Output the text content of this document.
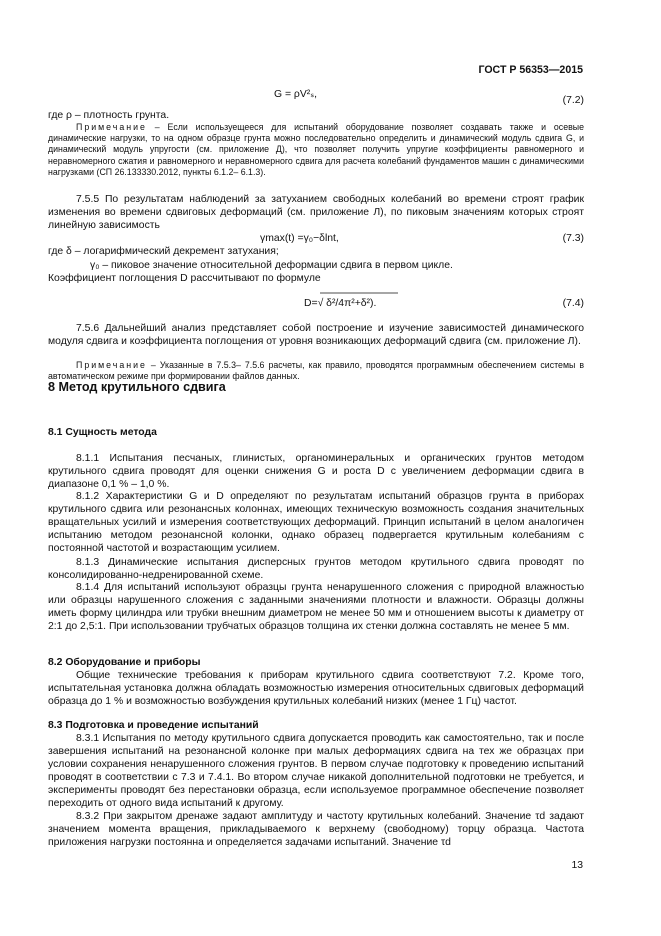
ГОСТ Р 56353—2015
G = ρV²ₛ,
(7.2)
где ρ – плотность грунта.
Примечание – Если используещееся для испытаний оборудование позволяет создавать также и осевые динамические нагрузки, то на одном образце грунта можно последовательно определить и динамический модуль сдвига G, и динамический модуль упругости (см. приложение Д), что позволяет получить упругие коэффициенты равномерного и неравномерного сжатия и равномерного и неравномерного сдвига для расчета колебаний фундаментов машин с динамическими нагрузками (СП 26.133330.2012, пункты 6.1.2– 6.1.3).
7.5.5 По результатам наблюдений за затуханием свободных колебаний во времени строят график изменения во времени сдвиговых деформаций (см. приложение Л), по пиковым значениям которых строят линейную зависимость
γmax(t) =γ₀−δlnt,	(7.3)
где δ – логарифмический декремент затухания;
γ₀ – пиковое значение относительной деформации сдвига в первом цикле.
Коэффициент поглощения D рассчитывают по формуле
D=√ δ²/4π²+δ²).	(7.4)
7.5.6 Дальнейший анализ представляет собой построение и изучение зависимостей динамического модуля сдвига и коэффициента поглощения от уровня возникающих деформаций сдвига (см. приложение Л).
Примечание – Указанные в 7.5.3– 7.5.6 расчеты, как правило, проводятся программным обеспечением системы в автоматическом режиме при формировании файлов данных.
8 Метод крутильного сдвига
8.1 Сущность метода
8.1.1 Испытания песчаных, глинистых, органоминеральных и органических грунтов методом крутильного сдвига проводят для оценки снижения G и роста D с увеличением деформации сдвига в диапазоне 0,1 % – 1,0 %.
8.1.2 Характеристики G и D определяют по результатам испытаний образцов грунта в приборах крутильного сдвига или резонансных колоннах, имеющих техническую возможность создания значительных вращательных усилий и измерения соответствующих деформаций. Принцип испытаний в целом аналогичен испытанию методом резонансной колонки, однако образец подвергается крутильным колебаниям с постоянной частотой и возрастающим усилием.
8.1.3 Динамические испытания дисперсных грунтов методом крутильного сдвига проводят по консолидированно-недренированной схеме.
8.1.4 Для испытаний используют образцы грунта ненарушенного сложения с природной влажностью или образцы нарушенного сложения с заданными значениями плотности и влажности. Образцы должны иметь форму цилиндра или трубки внешним диаметром не менее 50 мм и отношением высоты к диаметру от 2:1 до 2,5:1. При использовании трубчатых образцов толщина их стенки должна составлять не менее 5 мм.
8.2 Оборудование и приборы
Общие технические требования к приборам крутильного сдвига соответствуют 7.2. Кроме того, испытательная установка должна обладать возможностью измерения относительных сдвиговых деформаций образца до 1 % и возможностью возбуждения крутильных колебаний низких (менее 1 Гц) частот.
8.3 Подготовка и проведение испытаний
8.3.1 Испытания по методу крутильного сдвига допускается проводить как самостоятельно, так и после завершения испытаний на резонансной колонке при малых деформациях сдвига на тех же образцах при условии сохранения ненарушенного сложения грунтов. В первом случае подготовку к проведению испытаний проводят в соответствии с 7.3 и 7.4.1. Во втором случае никакой дополнительной подготовки не требуется, и эксперименты проводят без перестановки образца, если используемое программное обеспечение позволяет переходить от одного вида испытаний к другому.
8.3.2 При закрытом дренаже задают амплитуду и частоту крутильных колебаний. Значение τd задают значением момента вращения, прикладываемого к верхнему (свободному) торцу образца. Частота приложения нагрузки постоянна и определяется задачами испытаний. Значение τd
13
